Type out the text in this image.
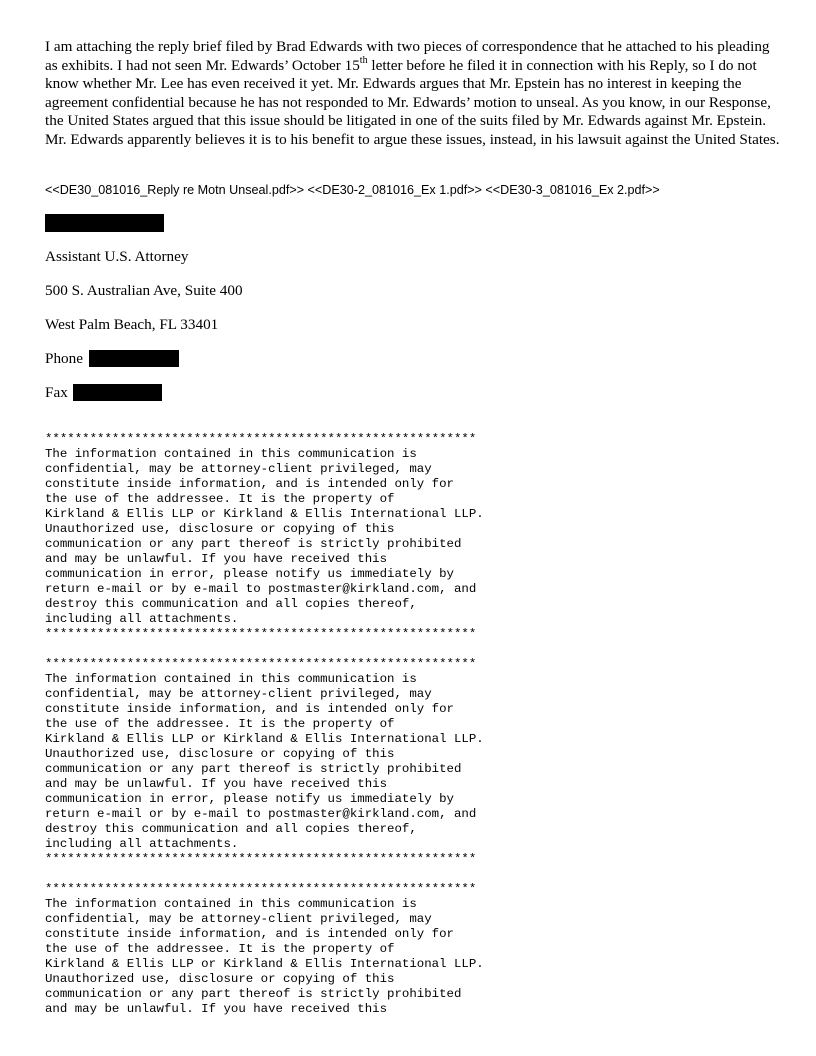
I am attaching the reply brief filed by Brad Edwards with two pieces of correspondence that he attached to his pleading as exhibits. I had not seen Mr. Edwards’ October 15th letter before he filed it in connection with his Reply, so I do not know whether Mr. Lee has even received it yet. Mr. Edwards argues that Mr. Epstein has no interest in keeping the agreement confidential because he has not responded to Mr. Edwards’ motion to unseal. As you know, in our Response, the United States argued that this issue should be litigated in one of the suits filed by Mr. Edwards against Mr. Epstein. Mr. Edwards apparently believes it is to his benefit to argue these issues, instead, in his lawsuit against the United States.

<<DE30_081016_Reply re Motn Unseal.pdf>> <<DE30-2_081016_Ex 1.pdf>> <<DE30-3_081016_Ex 2.pdf>>

Assistant U.S. Attorney

500 S. Australian Ave, Suite 400

West Palm Beach, FL 33401

Phone

Fax

**********************************************************
The information contained in this communication is
confidential, may be attorney-client privileged, may
constitute inside information, and is intended only for
the use of the addressee. It is the property of
Kirkland & Ellis LLP or Kirkland & Ellis International LLP.
Unauthorized use, disclosure or copying of this
communication or any part thereof is strictly prohibited
and may be unlawful. If you have received this
communication in error, please notify us immediately by
return e-mail or by e-mail to postmaster@kirkland.com, and
destroy this communication and all copies thereof,
including all attachments.
**********************************************************
**********************************************************
The information contained in this communication is
confidential, may be attorney-client privileged, may
constitute inside information, and is intended only for
the use of the addressee. It is the property of
Kirkland & Ellis LLP or Kirkland & Ellis International LLP.
Unauthorized use, disclosure or copying of this
communication or any part thereof is strictly prohibited
and may be unlawful. If you have received this
communication in error, please notify us immediately by
return e-mail or by e-mail to postmaster@kirkland.com, and
destroy this communication and all copies thereof,
including all attachments.
**********************************************************
**********************************************************
The information contained in this communication is
confidential, may be attorney-client privileged, may
constitute inside information, and is intended only for
the use of the addressee. It is the property of
Kirkland & Ellis LLP or Kirkland & Ellis International LLP.
Unauthorized use, disclosure or copying of this
communication or any part thereof is strictly prohibited
and may be unlawful. If you have received this
